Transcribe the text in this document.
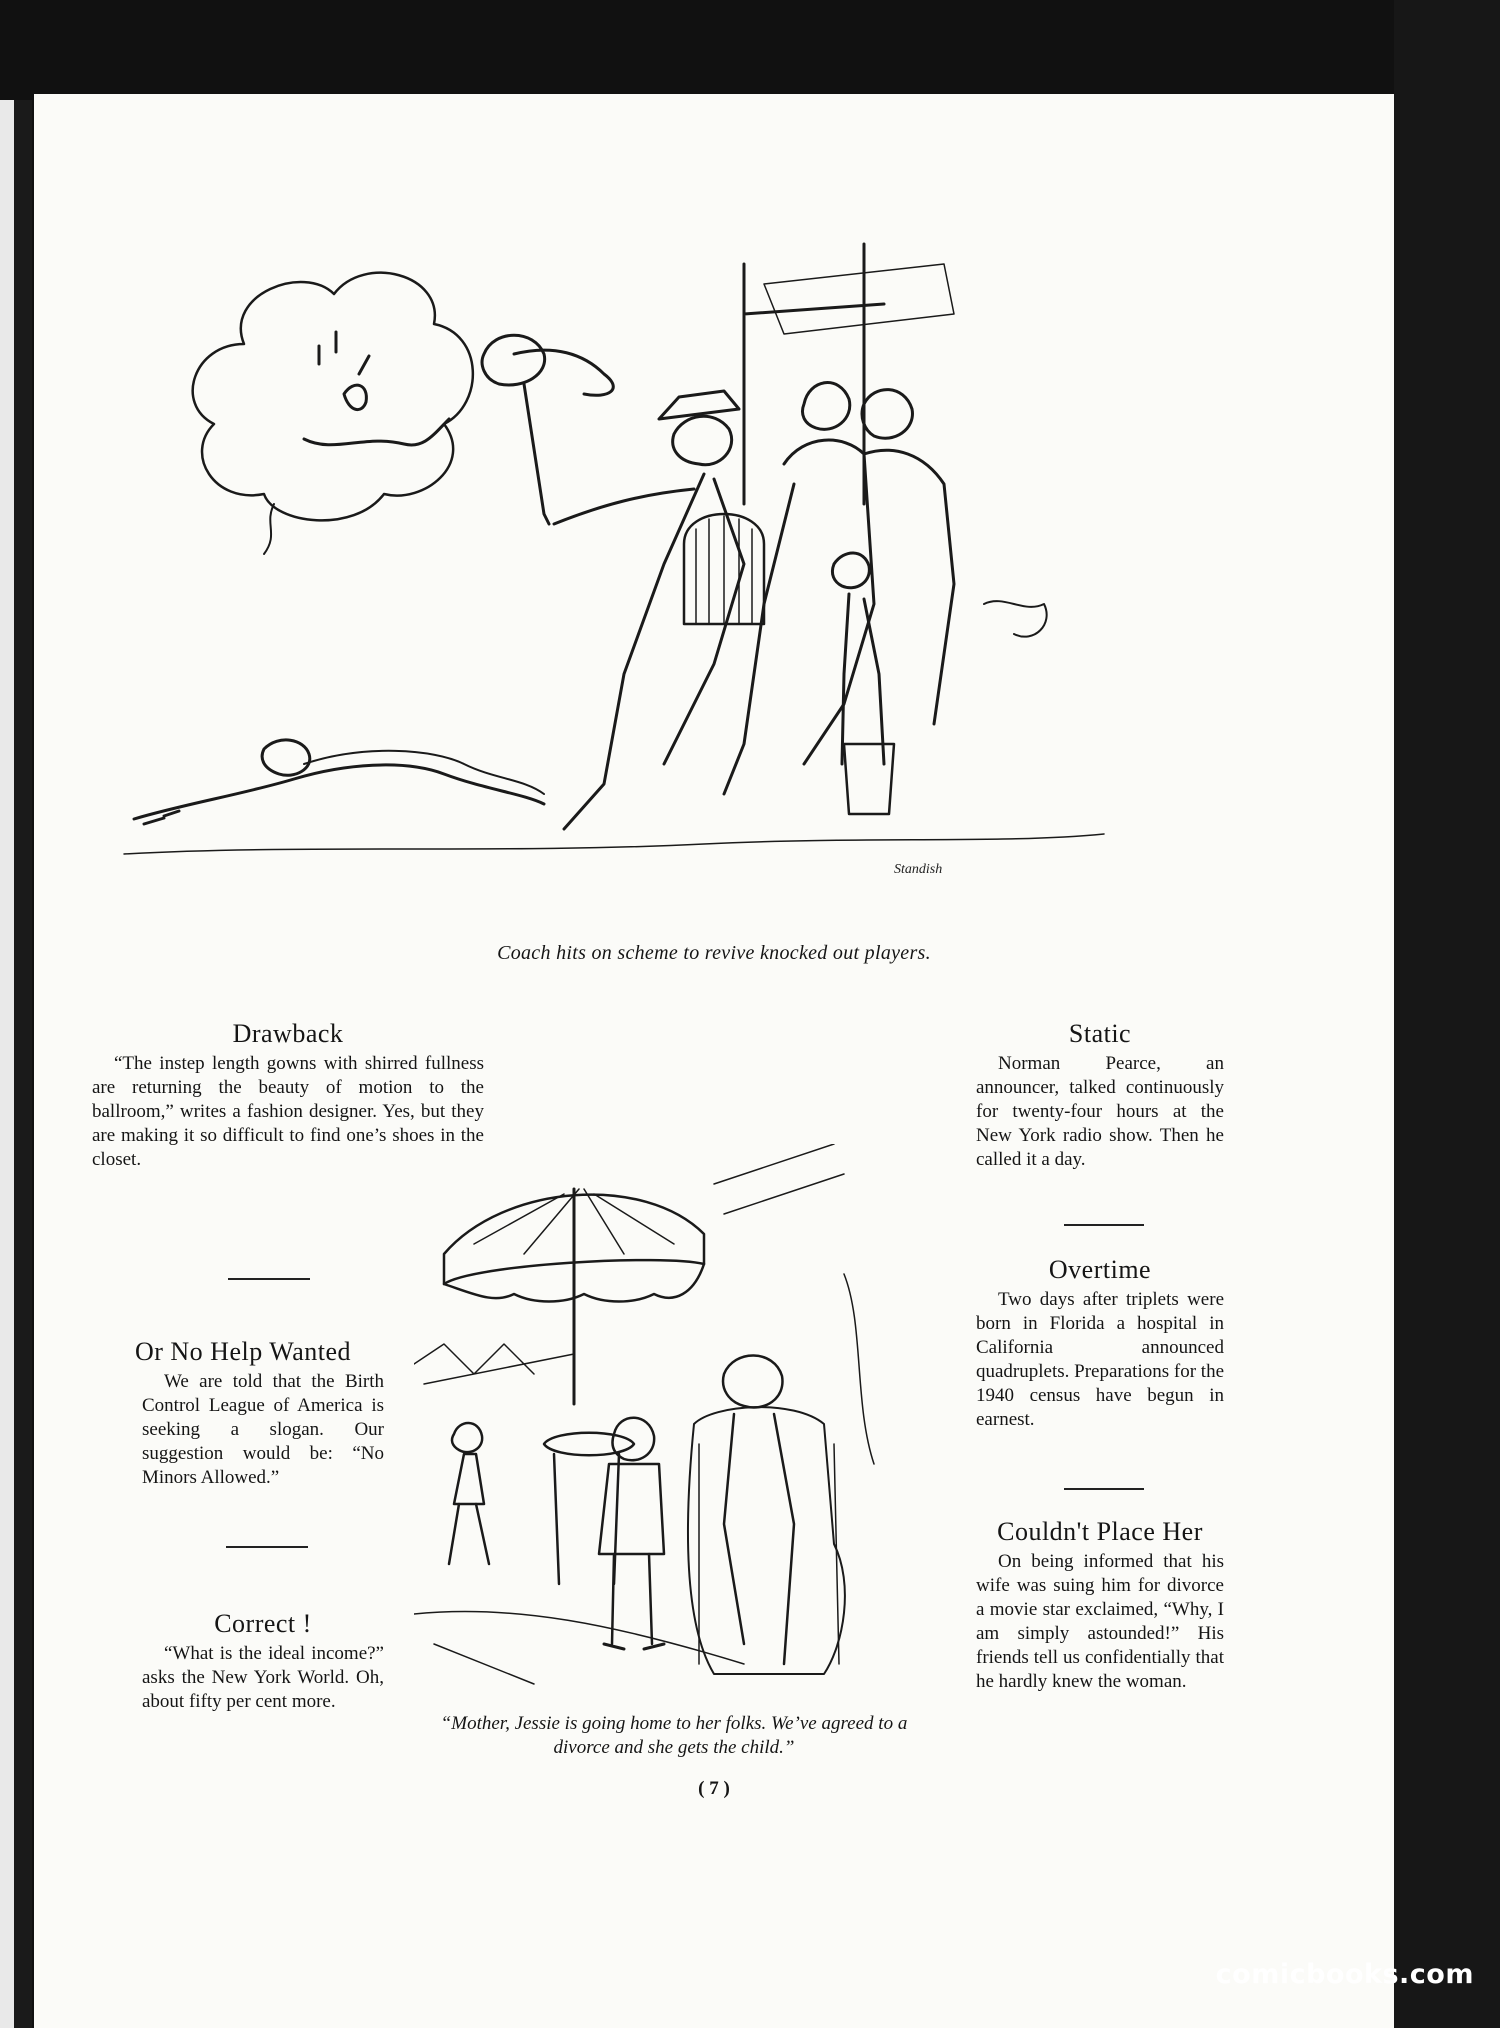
Standish
Coach hits on scheme to revive knocked out players.
Drawback

“The instep length gowns with shirred fullness are returning the beauty of motion to the ballroom,” writes a fashion designer. Yes, but they are making it so difficult to find one’s shoes in the closet.

Or No Help Wanted

We are told that the Birth Control League of America is seeking a slogan. Our suggestion would be: “No Minors Allowed.”

Correct !

“What is the ideal income?” asks the New York World. Oh, about fifty per cent more.

“Mother, Jessie is going home to her folks. We’ve agreed to a divorce and she gets the child.”
Static

Norman Pearce, an announcer, talked continuously for twenty-four hours at the New York radio show. Then he called it a day.

Overtime

Two days after triplets were born in Florida a hospital in California announced quadruplets. Preparations for the 1940 census have begun in earnest.

Couldn't Place Her

On being informed that his wife was suing him for divorce a movie star exclaimed, “Why, I am simply astounded!” His friends tell us confidentially that he hardly knew the woman.

( 7 )
comicbooks.com
